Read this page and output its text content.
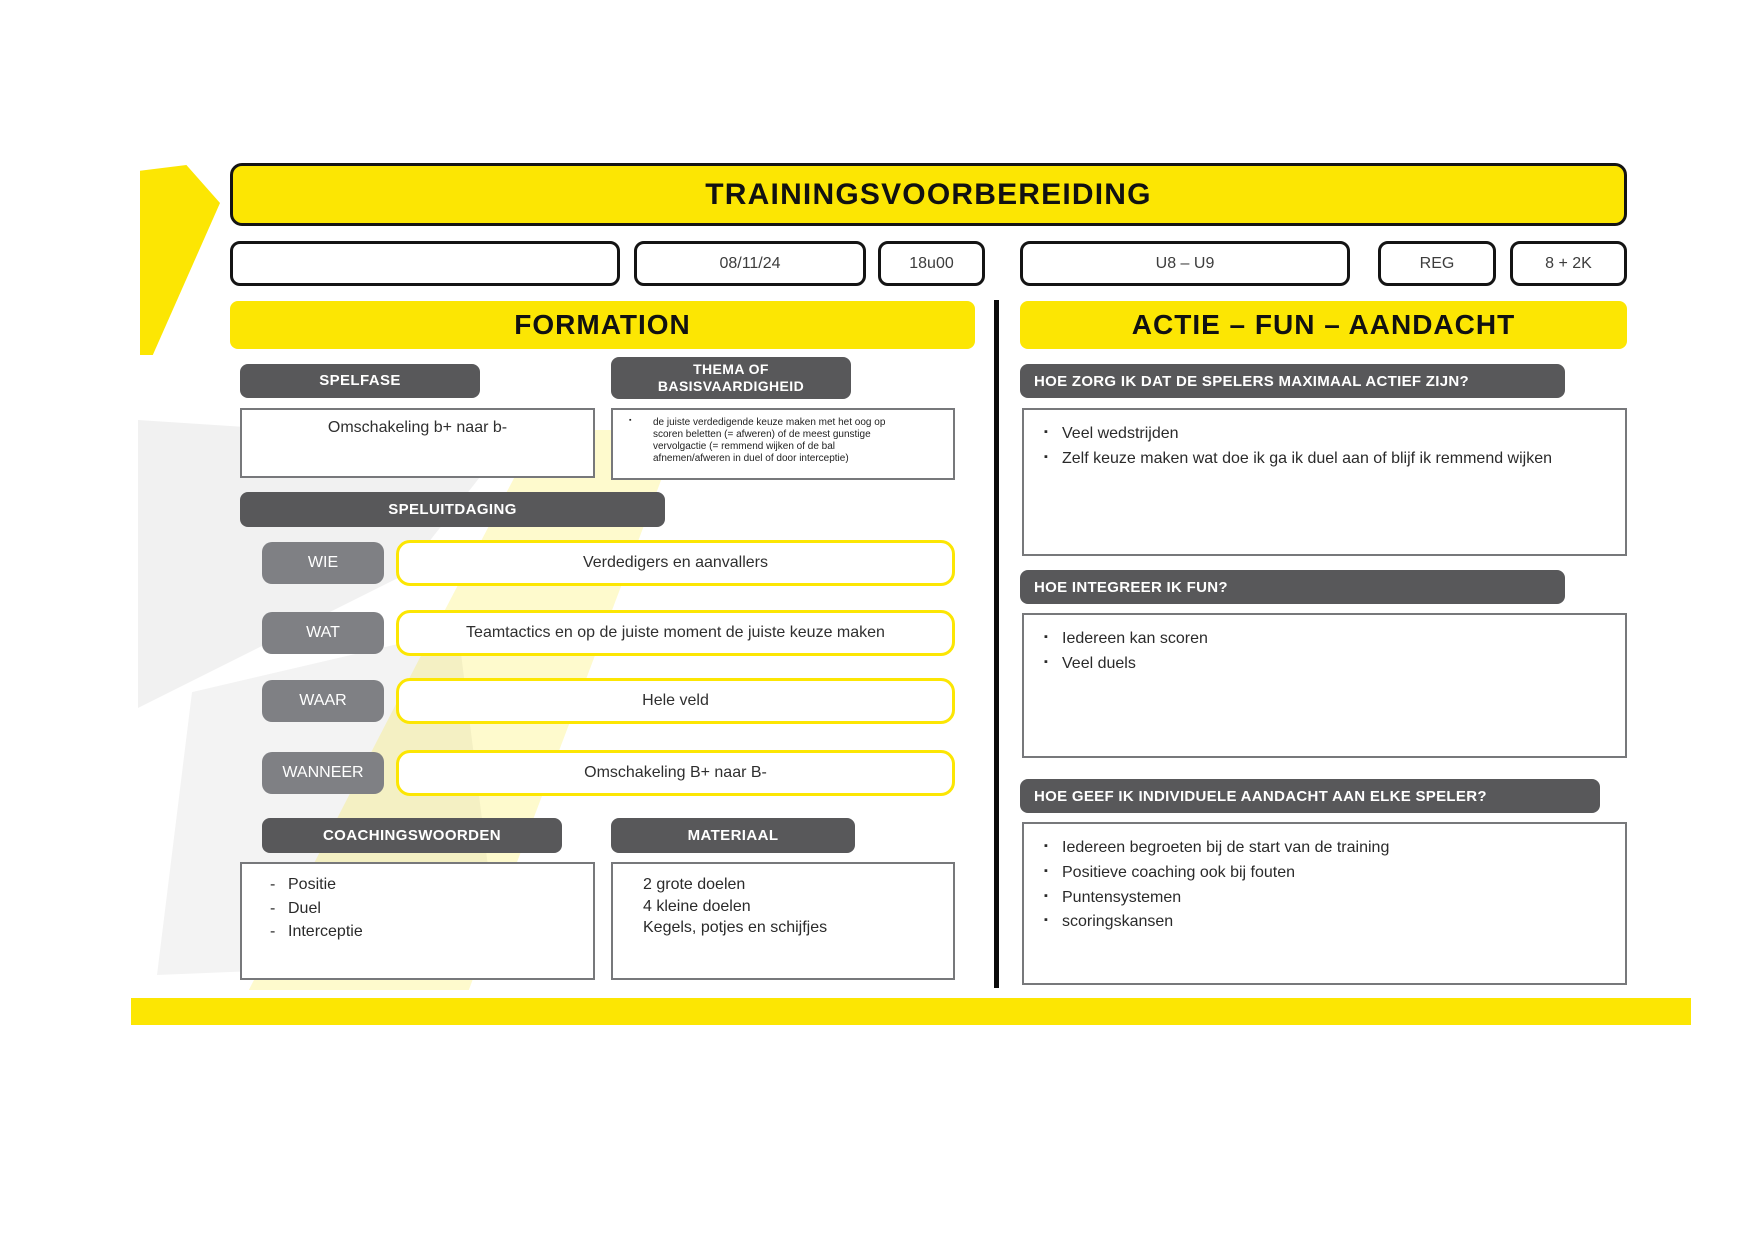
TRAININGSVOORBEREIDING
08/11/24	18u00	U8 – U9	REG	8 + 2K
FORMATION	ACTIE – FUN – AANDACHT
SPELFASE
THEMA OF BASISVAARDIGHEID
Omschakeling b+ naar b-	▪ de juiste verdedigende keuze maken met het oog op scoren beletten (= afweren) of de meest gunstige vervolgactie (= remmend wijken of de bal afnemen/afweren in duel of door interceptie)
SPELUITDAGING
WIE	Verdedigers en aanvallers
WAT	Teamtactics en op de juiste moment de juiste keuze maken
WAAR	Hele veld
WANNEER	Omschakeling B+ naar B-
COACHINGSWOORDEN	MATERIAAL
- Positie
- Duel
- Interceptie
2 grote doelen
4 kleine doelen
Kegels, potjes en schijfjes
HOE ZORG IK DAT DE SPELERS MAXIMAAL ACTIEF ZIJN?
▪ Veel wedstrijden
▪ Zelf keuze maken wat doe ik ga ik duel aan of blijf ik remmend wijken
HOE INTEGREER IK FUN?
▪ Iedereen kan scoren
▪ Veel duels
HOE GEEF IK INDIVIDUELE AANDACHT AAN ELKE SPELER?
▪ Iedereen begroeten bij de start van de training
▪ Positieve coaching ook bij fouten
▪ Puntensystemen
▪ scoringskansen
